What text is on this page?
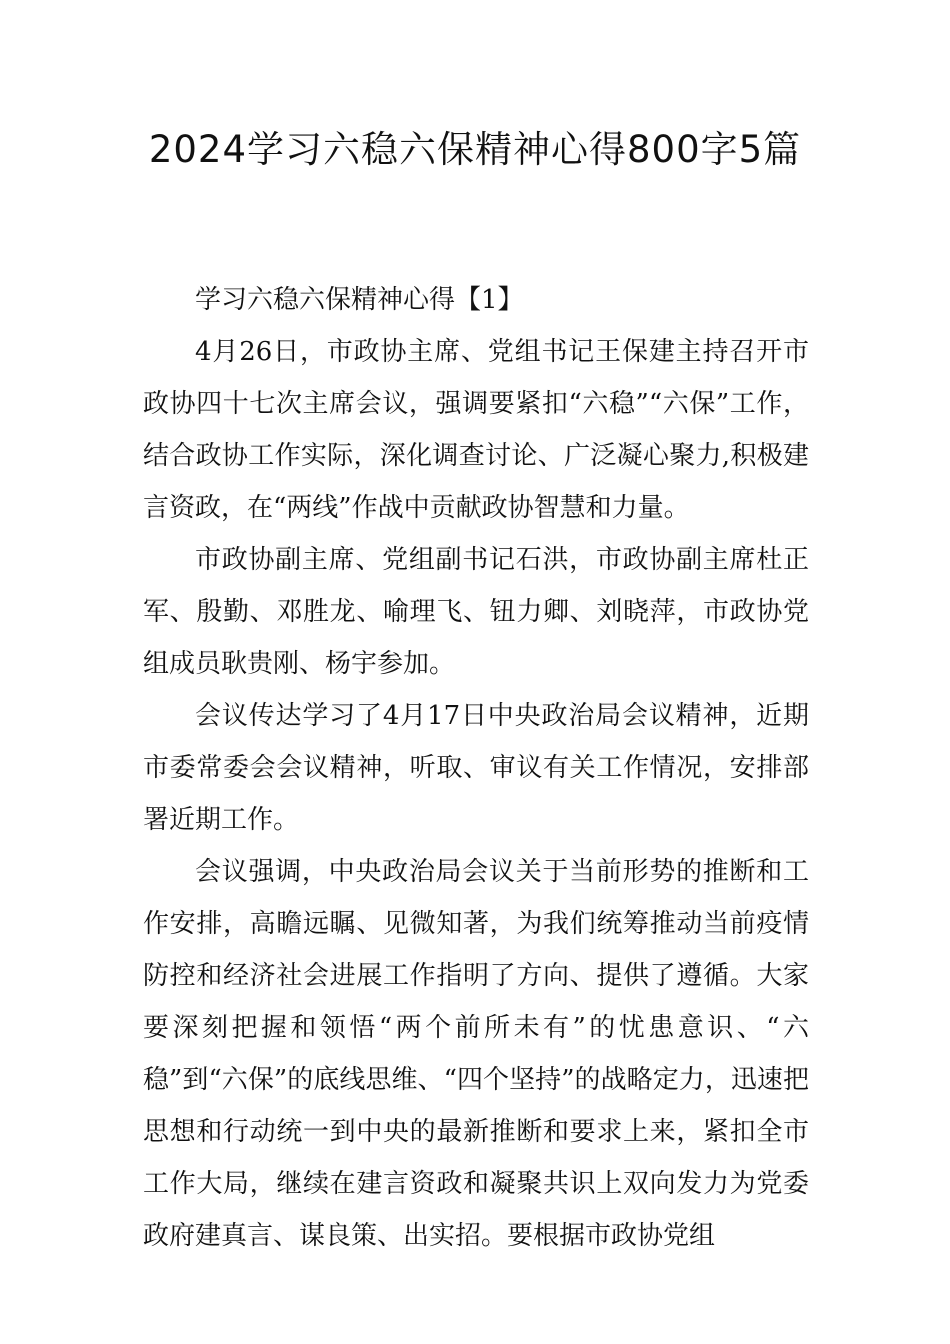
2024学习六稳六保精神心得800字5篇

学习六稳六保精神心得【1】

4月26日，市政协主席、党组书记王保建主持召开市政协四十七次主席会议，强调要紧扣“六稳”“六保”工作，结合政协工作实际，深化调查讨论、广泛凝心聚力,积极建言资政，在“两线”作战中贡献政协智慧和力量。

市政协副主席、党组副书记石洪，市政协副主席杜正军、殷勤、邓胜龙、喻理飞、钮力卿、刘晓萍，市政协党组成员耿贵刚、杨宇参加。

会议传达学习了4月17日中央政治局会议精神，近期市委常委会会议精神，听取、审议有关工作情况，安排部署近期工作。

会议强调，中央政治局会议关于当前形势的推断和工作安排，高瞻远瞩、见微知著，为我们统筹推动当前疫情防控和经济社会进展工作指明了方向、提供了遵循。大家要深刻把握和领悟“两个前所未有”的忧患意识、“六稳”到“六保”的底线思维、“四个坚持”的战略定力，迅速把思想和行动统一到中央的最新推断和要求上来，紧扣全市工作大局，继续在建言资政和凝聚共识上双向发力为党委政府建真言、谋良策、出实招。要根据市政协党组
